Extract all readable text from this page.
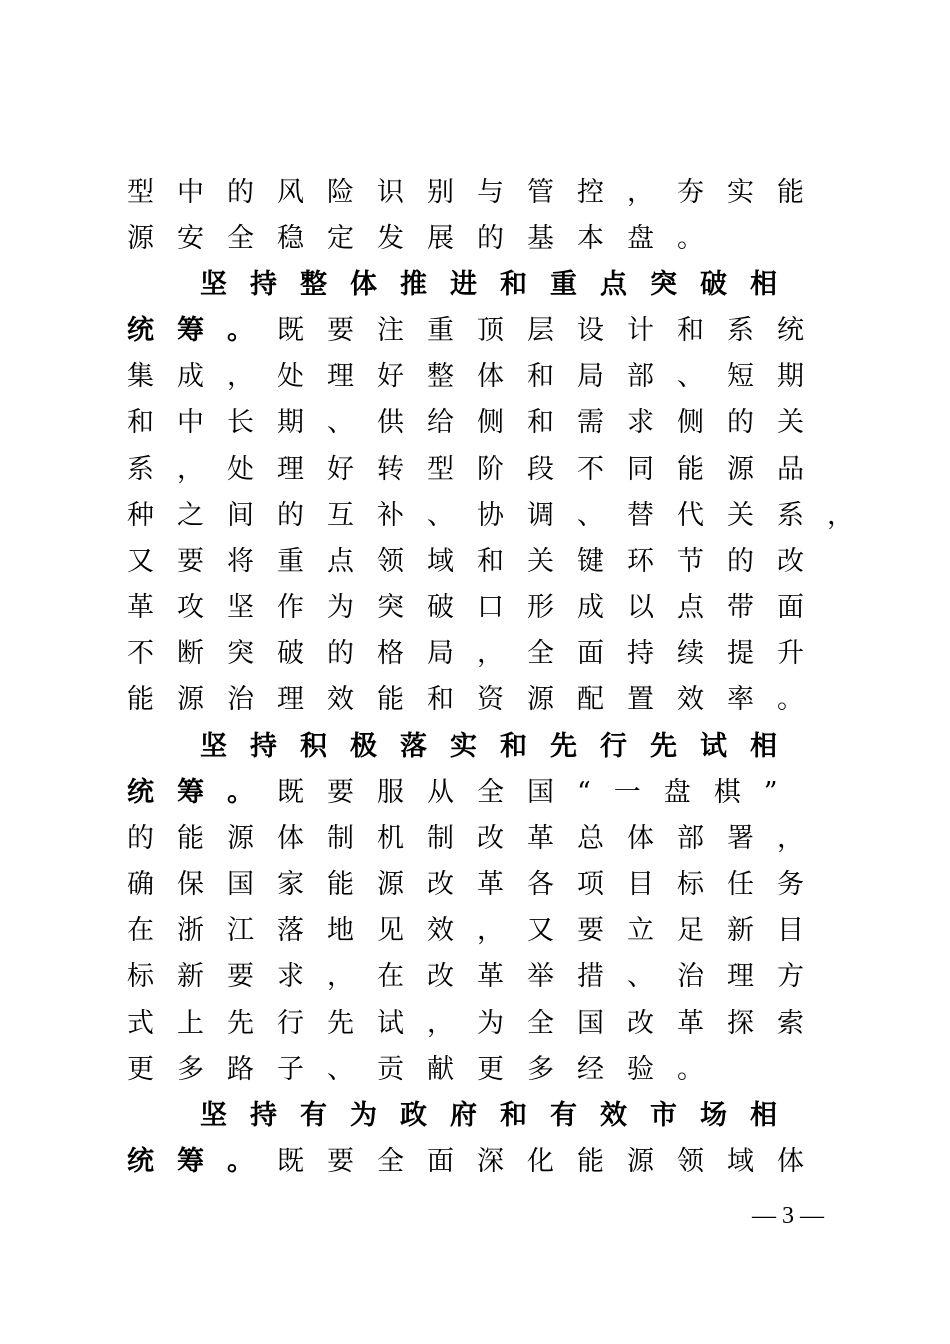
型中的风险识别与管控，夯实能
源安全稳定发展的基本盘。
坚持整体推进和重点突破相
统筹。既要注重顶层设计和系统
集成，处理好整体和局部、短期
和中长期、供给侧和需求侧的关
系，处理好转型阶段不同能源品
种之间的互补、协调、替代关系，
又要将重点领域和关键环节的改
革攻坚作为突破口形成以点带面
不断突破的格局，全面持续提升
能源治理效能和资源配置效率。
坚持积极落实和先行先试相
统筹。既要服从全国“一盘棋”
的能源体制机制改革总体部署，
确保国家能源改革各项目标任务
在浙江落地见效，又要立足新目
标新要求，在改革举措、治理方
式上先行先试，为全国改革探索
更多路子、贡献更多经验。
坚持有为政府和有效市场相
统筹。既要全面深化能源领域体
— 3 —
